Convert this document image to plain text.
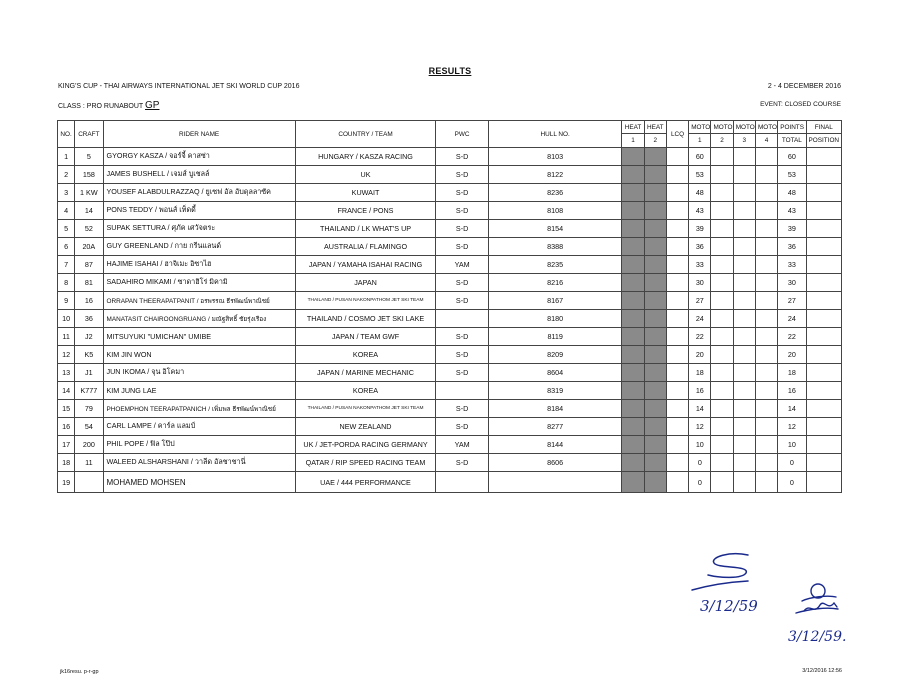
RESULTS
KING'S CUP - THAI AIRWAYS INTERNATIONAL JET SKI WORLD CUP 2016	2 - 4 DECEMBER 2016
CLASS : PRO RUNABOUT GP	EVENT: CLOSED COURSE
NO.	CRAFT	RIDER NAME	COUNTRY / TEAM	PWC	HULL NO.	HEAT	HEAT	LCQ	MOTO	MOTO	MOTO	MOTO	POINTS	FINAL
						1	2		1	2	3	4	TOTAL	POSITION
1	5	GYORGY KASZA / จอร์จี้ คาสซ่า	HUNGARY / KASZA RACING	S-D	8103				60				60	
2	158	JAMES BUSHELL / เจมส์ บูเชลล์	UK	S-D	8122				53				53	
3	1 KW	YOUSEF ALABDULRAZZAQ / ยูเซฟ อัล อับดุลลาซัค	KUWAIT	S-D	8236				48				48	
4	14	PONS TEDDY / พอนส์ เท็ดดี้	FRANCE / PONS	S-D	8108				43				43	
5	52	SUPAK SETTURA / ศุภัค เศวัจตระ	THAILAND / LK WHAT'S UP	S-D	8154				39				39	
6	20A	GUY GREENLAND / กาย กรีนแลนด์	AUSTRALIA / FLAMINGO	S-D	8388				36				36	
7	87	HAJIME ISAHAI / ฮาจิเมะ อิซาไฮ	JAPAN / YAMAHA ISAHAI RACING	YAM	8235				33				33	
8	81	SADAHIRO MIKAMI / ซาดาฮิโร่ มิคามิ	JAPAN	S-D	8216				30				30	
9	16	ORRAPAN THEERAPATPANIT / อรพรรณ ธีรพัฒน์พาณิชย์	THAILAND / PUSAN NAKONPATHOM JET SKI TEAM	S-D	8167				27				27	
10	36	MANATASIT CHAIROONGRUANG / มณัฐสิทธิ์ ชัยรุ่งเรือง	THAILAND / COSMO JET SKI LAKE		8180				24				24	
11	J2	MITSUYUKI "UMICHAN" UMIBE	JAPAN / TEAM GWF	S-D	8119				22				22	
12	K5	KIM JIN WON	KOREA	S-D	8209				20				20	
13	J1	JUN IKOMA / จุน อิโคมา	JAPAN / MARINE MECHANIC	S-D	8604				18				18	
14	K777	KIM JUNG LAE	KOREA		8319				16				16	
15	79	PHOEMPHON TEERAPATPANICH / เพิ่มพล ธีรพัฒน์พาณิชย์	THAILAND / PUSAN NAKONPATHOM JET SKI TEAM	S-D	8184				14				14	
16	54	CARL LAMPE / คาร์ล แลมป์	NEW ZEALAND	S-D	8277				12				12	
17	200	PHIL POPE / ฟิล โป๊ป	UK / JET-PORDA RACING GERMANY	YAM	8144				10				10	
18	11	WALEED ALSHARSHANI / วาลีด อัลชาชานี่	QATAR / RIP SPEED RACING TEAM	S-D	8606				0				0	
19		MOHAMED MOHSEN	UAE / 444 PERFORMANCE						0				0	
3/12/59
3/12/59.
jk16resu. p-r-gp	3/12/2016 12:56
